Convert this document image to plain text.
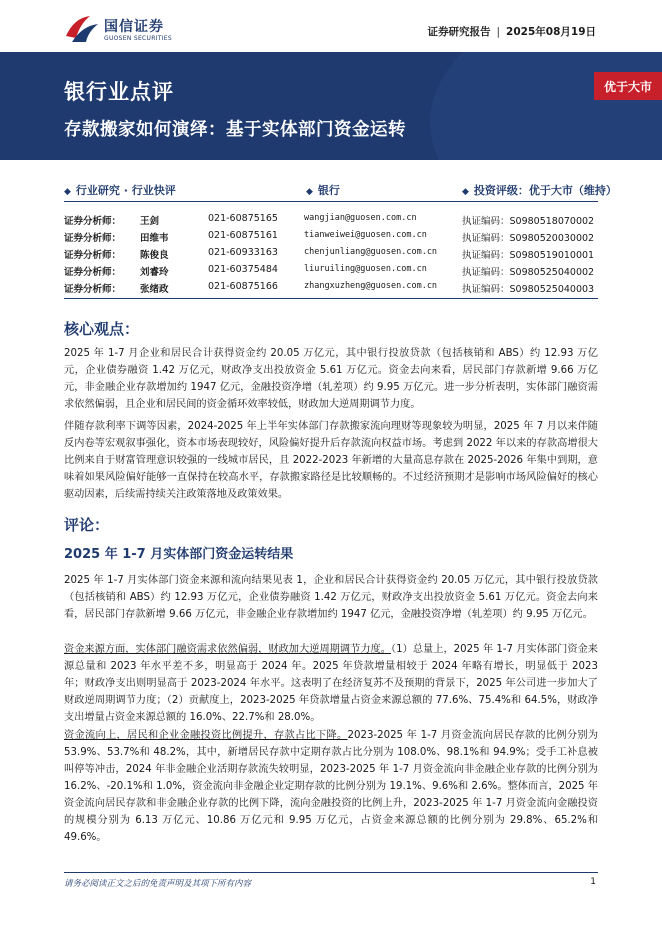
国信证券
GUOSEN SECURITIES
证券研究报告 | 2025年08月19日
银行业点评
存款搬家如何演绎：基于实体部门资金运转
优于大市
◆ 行业研究 · 行业快评	◆ 银行	◆ 投资评级：优于大市（维持）
证券分析师： 王剑	021-60875165	wangjian@guosen.com.cn	执证编码：S0980518070002
证券分析师： 田维韦	021-60875161	tianweiwei@guosen.com.cn	执证编码：S0980520030002
证券分析师： 陈俊良	021-60933163	chenjunliang@guosen.com.cn	执证编码：S0980519010001
证券分析师： 刘睿玲	021-60375484	liuruiling@guosen.com.cn	执证编码：S0980525040002
证券分析师： 张绪政	021-60875166	zhangxuzheng@guosen.com.cn	执证编码：S0980525040003
核心观点：

2025 年 1-7 月企业和居民合计获得资金约 20.05 万亿元，其中银行投放贷款（包括核销和 ABS）约 12.93 万亿元，企业债券融资 1.42 万亿元，财政净支出投放资金 5.61 万亿元。资金去向来看，居民部门存款新增 9.66 万亿元，非金融企业存款增加约 1947 亿元，金融投资净增（轧差项）约 9.95 万亿元。进一步分析表明，实体部门融资需求依然偏弱，且企业和居民间的资金循环效率较低，财政加大逆周期调节力度。

伴随存款利率下调等因素，2024-2025 年上半年实体部门存款搬家流向理财等现象较为明显，2025 年 7 月以来伴随反内卷等宏观叙事强化，资本市场表现较好，风险偏好提升后存款流向权益市场。考虑到 2022 年以来的存款高增很大比例来自于财富管理意识较强的一线城市居民，且 2022-2023 年新增的大量高息存款在 2025-2026 年集中到期，意味着如果风险偏好能够一直保持在较高水平，存款搬家路径是比较顺畅的。不过经济预期才是影响市场风险偏好的核心驱动因素，后续需持续关注政策落地及政策效果。

评论：
2025 年 1-7 月实体部门资金运转结果

2025 年 1-7 月实体部门资金来源和流向结果见表 1，企业和居民合计获得资金约 20.05 万亿元，其中银行投放贷款（包括核销和 ABS）约 12.93 万亿元，企业债券融资 1.42 万亿元，财政净支出投放资金 5.61 万亿元。资金去向来看，居民部门存款新增 9.66 万亿元，非金融企业存款增加约 1947 亿元，金融投资净增（轧差项）约 9.95 万亿元。

资金来源方面，实体部门融资需求依然偏弱，财政加大逆周期调节力度。（1）总量上，2025 年 1-7 月实体部门资金来源总量和 2023 年水平差不多，明显高于 2024 年。2025 年贷款增量相较于 2024 年略有增长，明显低于 2023 年；财政净支出则明显高于 2023-2024 年水平。这表明了在经济复苏不及预期的背景下，2025 年公司进一步加大了财政逆周期调节力度；（2）贡献度上，2023-2025 年贷款增量占资金来源总额的 77.6%、75.4%和 64.5%，财政净支出增量占资金来源总额的 16.0%、22.7%和 28.0%。

资金流向上，居民和企业金融投资比例提升，存款占比下降。2023-2025 年 1-7 月资金流向居民存款的比例分别为 53.9%、53.7%和 48.2%，其中，新增居民存款中定期存款占比分别为 108.0%、98.1%和 94.9%；受手工补息被叫停等冲击，2024 年非金融企业活期存款流失较明显，2023-2025 年 1-7 月资金流向非金融企业存款的比例分别为 16.2%、-20.1%和 1.0%，资金流向非金融企业定期存款的比例分别为 19.1%、9.6%和 2.6%。整体而言，2025 年资金流向居民存款和非金融企业存款的比例下降，流向金融投资的比例上升，2023-2025 年 1-7 月资金流向金融投资的规模分别为 6.13 万亿元、10.86 万亿元和 9.95 万亿元，占资金来源总额的比例分别为 29.8%、65.2%和 49.6%。

请务必阅读正文之后的免责声明及其项下所有内容	1
